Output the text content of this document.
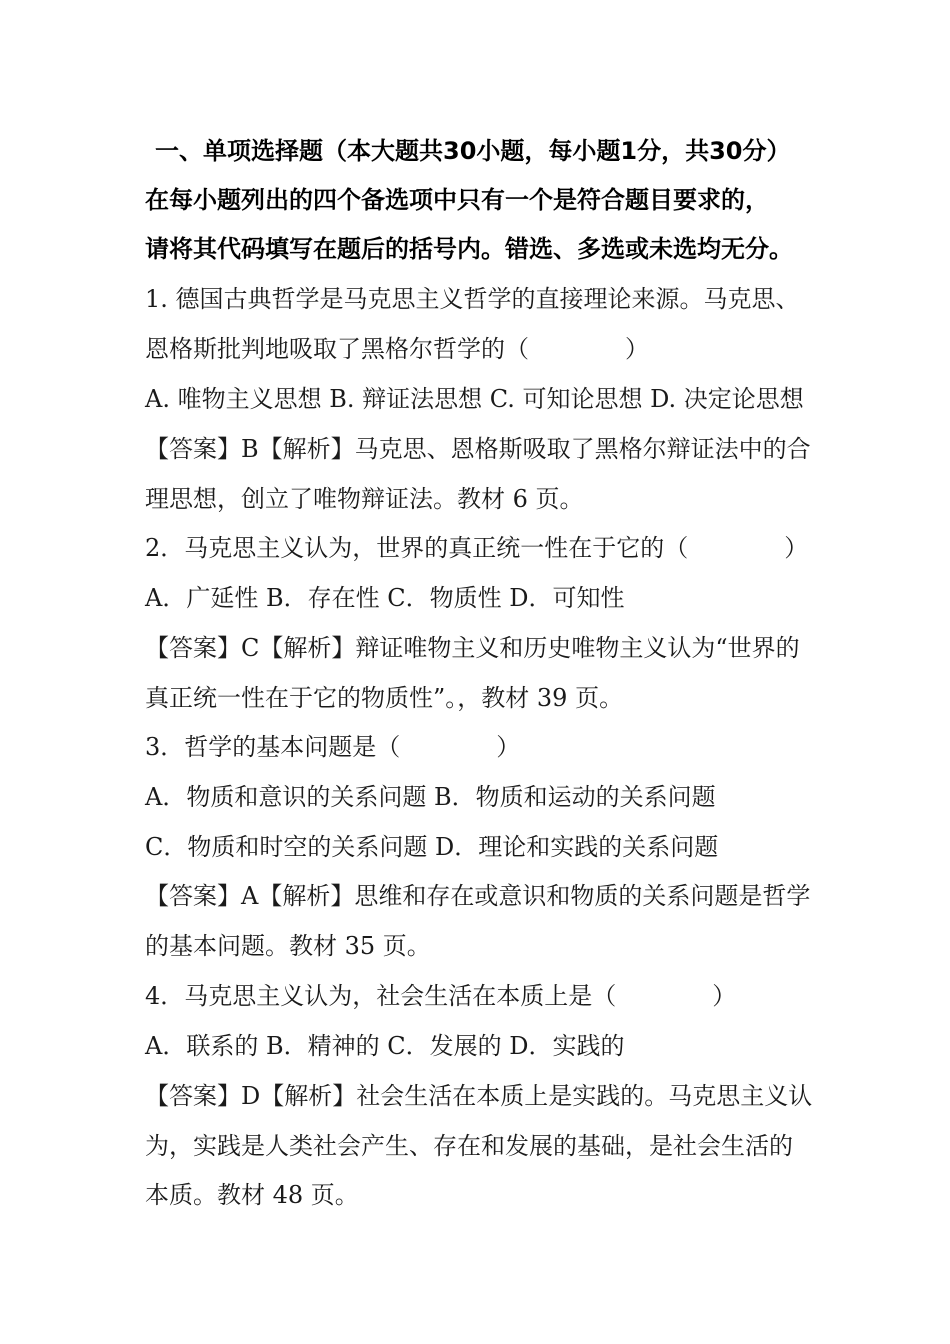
一、单项选择题（本大题共30小题，每小题1分，共30分）
在每小题列出的四个备选项中只有一个是符合题目要求的，
请将其代码填写在题后的括号内。错选、多选或未选均无分。
1. 德国古典哲学是马克思主义哲学的直接理论来源。马克思、
恩格斯批判地吸取了黑格尔哲学的（　　　　）
A. 唯物主义思想 B. 辩证法思想 C. 可知论思想 D. 决定论思想
【答案】B【解析】马克思、恩格斯吸取了黑格尔辩证法中的合
理思想，创立了唯物辩证法。教材 6 页。
2．马克思主义认为，世界的真正统一性在于它的（　　　　）
A．广延性 B．存在性 C．物质性 D．可知性
【答案】C【解析】辩证唯物主义和历史唯物主义认为“世界的
真正统一性在于它的物质性”。，教材 39 页。
3．哲学的基本问题是（　　　　）
A．物质和意识的关系问题 B．物质和运动的关系问题
C．物质和时空的关系问题 D．理论和实践的关系问题
【答案】A【解析】思维和存在或意识和物质的关系问题是哲学
的基本问题。教材 35 页。
4．马克思主义认为，社会生活在本质上是（　　　　）
A．联系的 B．精神的 C．发展的 D．实践的
【答案】D【解析】社会生活在本质上是实践的。马克思主义认
为，实践是人类社会产生、存在和发展的基础，是社会生活的
本质。教材 48 页。
